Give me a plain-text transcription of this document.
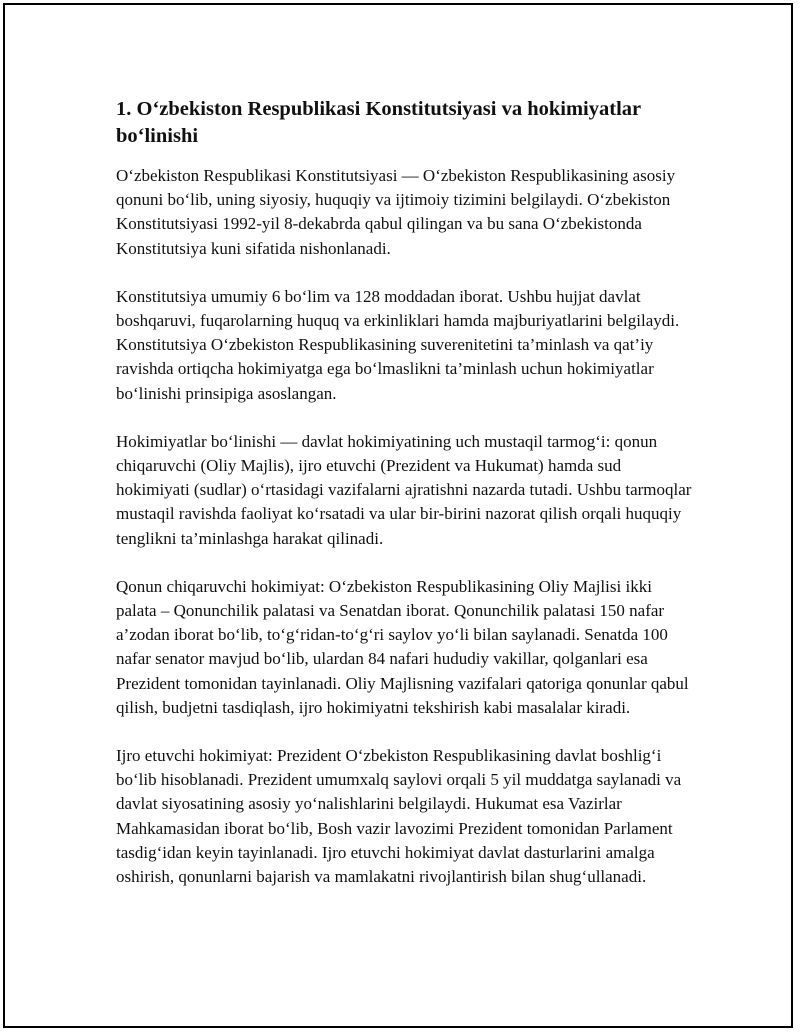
1. O‘zbekiston Respublikasi Konstitutsiyasi va hokimiyatlar bo‘linishi

O‘zbekiston Respublikasi Konstitutsiyasi — O‘zbekiston Respublikasining asosiy qonuni bo‘lib, uning siyosiy, huquqiy va ijtimoiy tizimini belgilaydi. O‘zbekiston Konstitutsiyasi 1992-yil 8-dekabrda qabul qilingan va bu sana O‘zbekistonda Konstitutsiya kuni sifatida nishonlanadi.

Konstitutsiya umumiy 6 bo‘lim va 128 moddadan iborat. Ushbu hujjat davlat boshqaruvi, fuqarolarning huquq va erkinliklari hamda majburiyatlarini belgilaydi. Konstitutsiya O‘zbekiston Respublikasining suverenitetini ta’minlash va qat’iy ravishda ortiqcha hokimiyatga ega bo‘lmaslikni ta’minlash uchun hokimiyatlar bo‘linishi prinsipiga asoslangan.

Hokimiyatlar bo‘linishi — davlat hokimiyatining uch mustaqil tarmog‘i: qonun chiqaruvchi (Oliy Majlis), ijro etuvchi (Prezident va Hukumat) hamda sud hokimiyati (sudlar) o‘rtasidagi vazifalarni ajratishni nazarda tutadi. Ushbu tarmoqlar mustaqil ravishda faoliyat ko‘rsatadi va ular bir-birini nazorat qilish orqali huquqiy tenglikni ta’minlashga harakat qilinadi.

Qonun chiqaruvchi hokimiyat: O‘zbekiston Respublikasining Oliy Majlisi ikki palata – Qonunchilik palatasi va Senatdan iborat. Qonunchilik palatasi 150 nafar a’zodan iborat bo‘lib, to‘g‘ridan-to‘g‘ri saylov yo‘li bilan saylanadi. Senatda 100 nafar senator mavjud bo‘lib, ulardan 84 nafari hududiy vakillar, qolganlari esa Prezident tomonidan tayinlanadi. Oliy Majlisning vazifalari qatoriga qonunlar qabul qilish, budjetni tasdiqlash, ijro hokimiyatni tekshirish kabi masalalar kiradi.

Ijro etuvchi hokimiyat: Prezident O‘zbekiston Respublikasining davlat boshlig‘i bo‘lib hisoblanadi. Prezident umumxalq saylovi orqali 5 yil muddatga saylanadi va davlat siyosatining asosiy yo‘nalishlarini belgilaydi. Hukumat esa Vazirlar Mahkamasidan iborat bo‘lib, Bosh vazir lavozimi Prezident tomonidan Parlament tasdig‘idan keyin tayinlanadi. Ijro etuvchi hokimiyat davlat dasturlarini amalga oshirish, qonunlarni bajarish va mamlakatni rivojlantirish bilan shug‘ullanadi.
